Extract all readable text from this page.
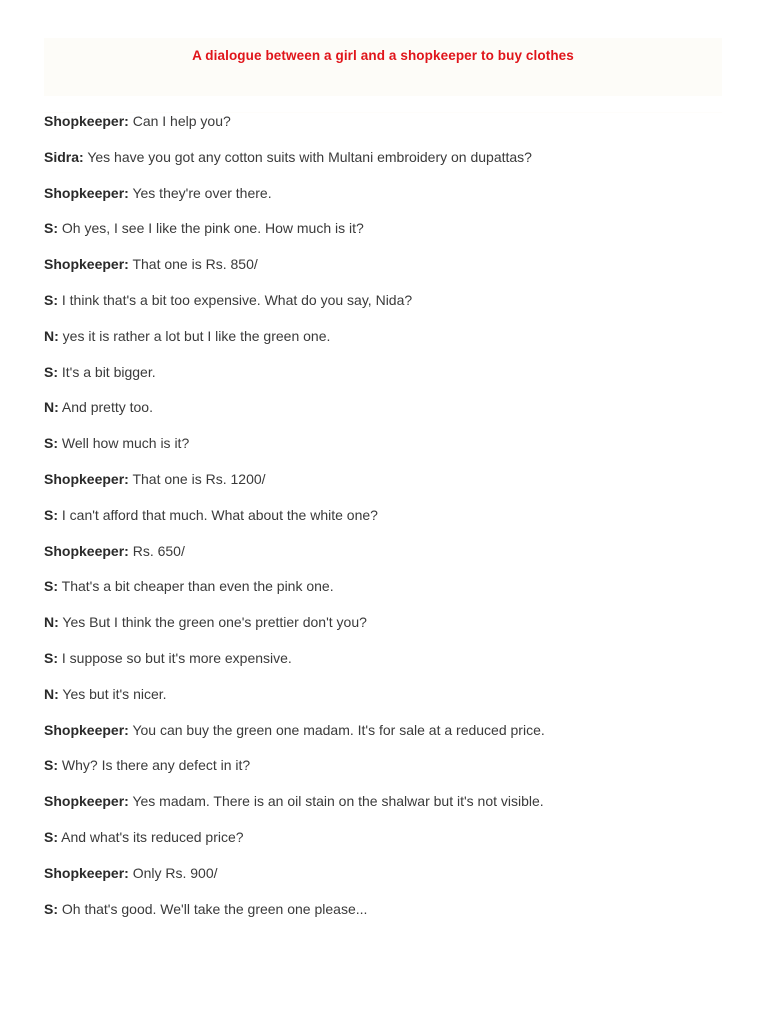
A dialogue between a girl and a shopkeeper to buy clothes
Shopkeeper: Can I help you?
Sidra: Yes have you got any cotton suits with Multani embroidery on dupattas?
Shopkeeper: Yes they're over there.
S: Oh yes, I see I like the pink one. How much is it?
Shopkeeper: That one is Rs. 850/
S: I think that's a bit too expensive. What do you say, Nida?
N: yes it is rather a lot but I like the green one.
S: It's a bit bigger.
N: And pretty too.
S: Well how much is it?
Shopkeeper: That one is Rs. 1200/
S: I can't afford that much. What about the white one?
Shopkeeper: Rs. 650/
S: That's a bit cheaper than even the pink one.
N: Yes But I think the green one's prettier don't you?
S: I suppose so but it's more expensive.
N: Yes but it's nicer.
Shopkeeper: You can buy the green one madam. It's for sale at a reduced price.
S: Why? Is there any defect in it?
Shopkeeper: Yes madam. There is an oil stain on the shalwar but it's not visible.
S: And what's its reduced price?
Shopkeeper: Only Rs. 900/
S: Oh that's good. We'll take the green one please...
